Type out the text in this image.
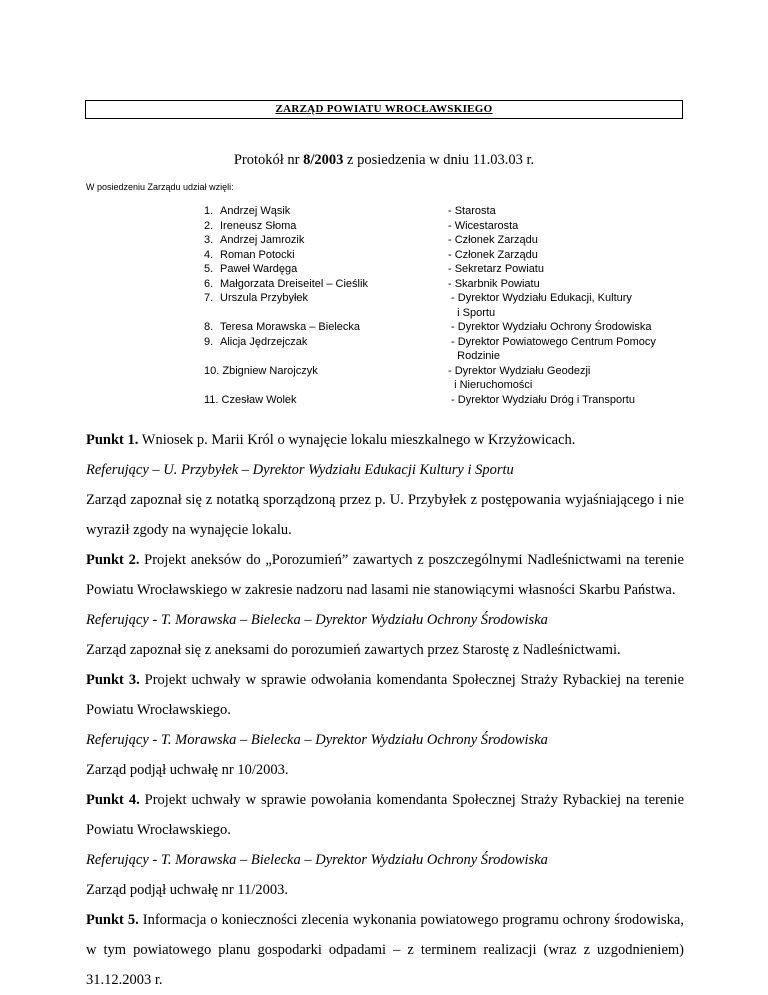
ZARZĄD POWIATU WROCŁAWSKIEGO
Protokół nr 8/2003 z posiedzenia w dniu 11.03.03 r.
W posiedzeniu Zarządu udział wzięli:
1. Andrzej Wąsik
2. Ireneusz Słoma
3. Andrzej Jamrozik
4. Roman Potocki
5. Paweł Wardęga
6. Małgorzata Dreiseitel – Cieślik
7. Urszula Przybyłek
8. Teresa Morawska – Bielecka
9. Alicja Jędrzejczak
10. Zbigniew Narojczyk
11. Czesław Wolek
- Starosta
- Wicestarosta
- Członek Zarządu
- Członek Zarządu
- Sekretarz Powiatu
- Skarbnik Powiatu
- Dyrektor Wydziału Edukacji, Kultury
i Sportu
- Dyrektor Wydziału Ochrony Środowiska
- Dyrektor Powiatowego Centrum Pomocy
Rodzinie
- Dyrektor Wydziału Geodezji
i Nieruchomości
- Dyrektor Wydziału Dróg i Transportu

Punkt 1. Wniosek p. Marii Król o wynajęcie lokalu mieszkalnego w Krzyżowicach.

Referujący – U. Przybyłek – Dyrektor Wydziału Edukacji Kultury i Sportu

Zarząd zapoznał się z notatką sporządzoną przez p. U. Przybyłek z postępowania wyjaśniającego i nie wyraził zgody na wynajęcie lokalu.

Punkt 2. Projekt aneksów do „Porozumień” zawartych z poszczególnymi Nadleśnictwami na terenie Powiatu Wrocławskiego w zakresie nadzoru nad lasami nie stanowiącymi własności Skarbu Państwa.

Referujący - T. Morawska – Bielecka – Dyrektor Wydziału Ochrony Środowiska

Zarząd zapoznał się z aneksami do porozumień zawartych przez Starostę z Nadleśnictwami.

Punkt 3. Projekt uchwały w sprawie odwołania komendanta Społecznej Straży Rybackiej na terenie Powiatu Wrocławskiego.

Referujący - T. Morawska – Bielecka – Dyrektor Wydziału Ochrony Środowiska

Zarząd podjął uchwałę nr 10/2003.

Punkt 4. Projekt uchwały w sprawie powołania komendanta Społecznej Straży Rybackiej na terenie Powiatu Wrocławskiego.

Referujący - T. Morawska – Bielecka – Dyrektor Wydziału Ochrony Środowiska

Zarząd podjął uchwałę nr 11/2003.

Punkt 5. Informacja o konieczności zlecenia wykonania powiatowego programu ochrony środowiska, w tym powiatowego planu gospodarki odpadami – z terminem realizacji (wraz z uzgodnieniem) 31.12.2003 r.
